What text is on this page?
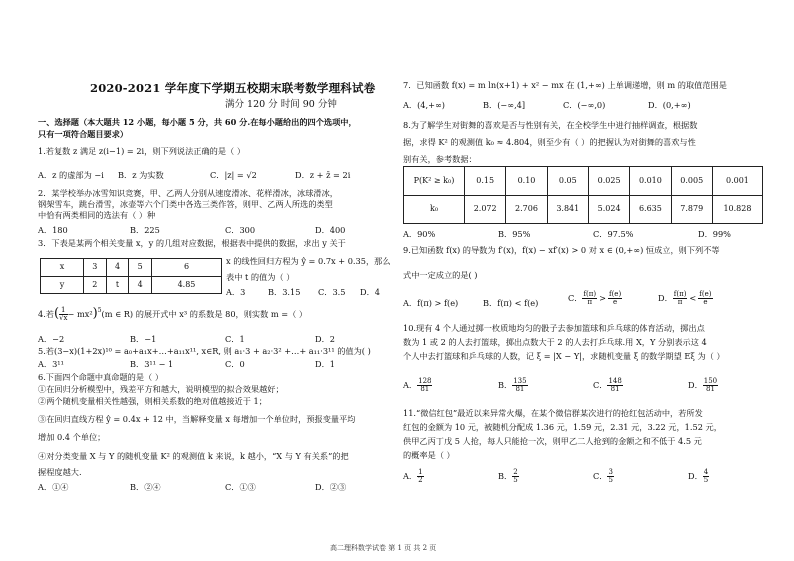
2020-2021 学年度下学期五校期末联考数学理科试卷
满分 120 分 时间 90 分钟
一、选择题（本大题共 12 小题，每小题 5 分，共 60 分.在每小题给出的四个选项中，
只有一项符合题目要求）
1.若复数 z 满足 z(i−1) = 2i，则下列说法正确的是（ ）
A．z 的虚部为 −i B．z 为实数	C．|z| = √2	D．z + z̄ = 2i
2．某学校举办冰雪知识竞赛，甲、乙两人分别从速度滑冰、花样滑冰，冰球滑冰，
钢架雪车，跳台滑雪，冰壶等六个门类中各选三类作答，则甲、乙两人所选的类型
中恰有两类相同的选法有（ ）种
A．180	B．225	C．300	D．400
3．下表是某两个相关变量 x，y 的几组对应数据，根据表中提供的数据，求出 y 关于
x	3	4	5	6
y	2	t	4	4.85
x 的线性回归方程为 ŷ = 0.7x + 0.35，那么
表中 t 的值为（ ）
A．3	B．3.15 C．3.5 D．4
4.若 ( $\frac{1}{√x} - mx^2$ )$^5$ (m ∈ R) 的展开式中 x³ 的系数是 80，则实数 m =（ ）
A．−2	B．−1	C．1	D．2
5.若(3−x)(1+2x)¹⁰ = a₀+a₁x+…+a₁₁x¹¹, x∈R, 则 a₁·3 + a₂·3² +…+ a₁₁·3¹¹ 的值为( )
A．3¹¹	B．3¹¹ − 1	C．0	D．1
6.下面四个命题中真命题的是（ ）
①在回归分析模型中，残差平方和越大，说明模型的拟合效果越好；
②两个随机变量相关性越强，则相关系数的绝对值越接近于 1；
③在回归直线方程 ŷ = 0.4x + 12 中，当解释变量 x 每增加一个单位时，预报变量平均
增加 0.4 个单位；
④对分类变量 X 与 Y 的随机变量 K² 的观测值 k 来说，k 越小，“X 与 Y 有关系”的把
握程度越大.
A．①④	B．②④	C．①③	D．②③
7．已知函数 f(x) = m ln(x+1) + x² − mx 在 (1,+∞) 上单调递增，则 m 的取值范围是
A．(4,+∞)	B．(−∞,4]	C．(−∞,0)	D．(0,+∞)
8.为了解学生对街舞的喜欢是否与性别有关，在全校学生中进行抽样调查，根据数
据，求得 K² 的观测值 k₀ ≈ 4.804，则至少有（ ）的把握认为对街舞的喜欢与性
别有关，参考数据：
P(K² ≥ k₀)	0.15	0.10	0.05	0.025	0.010	0.005	0.001
k₀	2.072	2.706	3.841	5.024	6.635	7.879	10.828
A．90%	B．95%	C．97.5%	D．99%
9.已知函数 f(x) 的导数为 f′(x)，f(x) − xf′(x) > 0 对 x ∈ (0,+∞) 恒成立，则下列不等
式中一定成立的是( )
A．f(π) > f(e)	B．f(π) < f(e)	C． $\frac{f(\pi)}{\pi} > \frac{f(e)}{e}$	D． $\frac{f(\pi)}{\pi} < \frac{f(e)}{e}$
10.现有 4 个人通过掷一枚质地均匀的骰子去参加篮球和乒乓球的体育活动，掷出点
数为 1 或 2 的人去打篮球，掷出点数大于 2 的人去打乒乓球.用 X，Y 分别表示这 4
个人中去打篮球和乒乓球的人数，记 ξ = |X − Y|，求随机变量 ξ 的数学期望 Eξ 为（ ）
A． $\frac{128}{81}$	B． $\frac{135}{81}$	C． $\frac{148}{81}$	D． $\frac{150}{81}$
11.“微信红包”最近以来异常火爆，在某个微信群某次进行的抢红包活动中，若所发
红包的金额为 10 元，被随机分配成 1.36 元，1.59 元，2.31 元，3.22 元，1.52 元，
供甲乙丙丁戊 5 人抢，每人只能抢一次，则甲乙二人抢到的金额之和不低于 4.5 元
的概率是（ ）
A． $\frac{1}{2}$	B． $\frac{2}{5}$	C． $\frac{3}{5}$	D． $\frac{4}{5}$
高二理科数学试卷 第 1 页 共 2 页
